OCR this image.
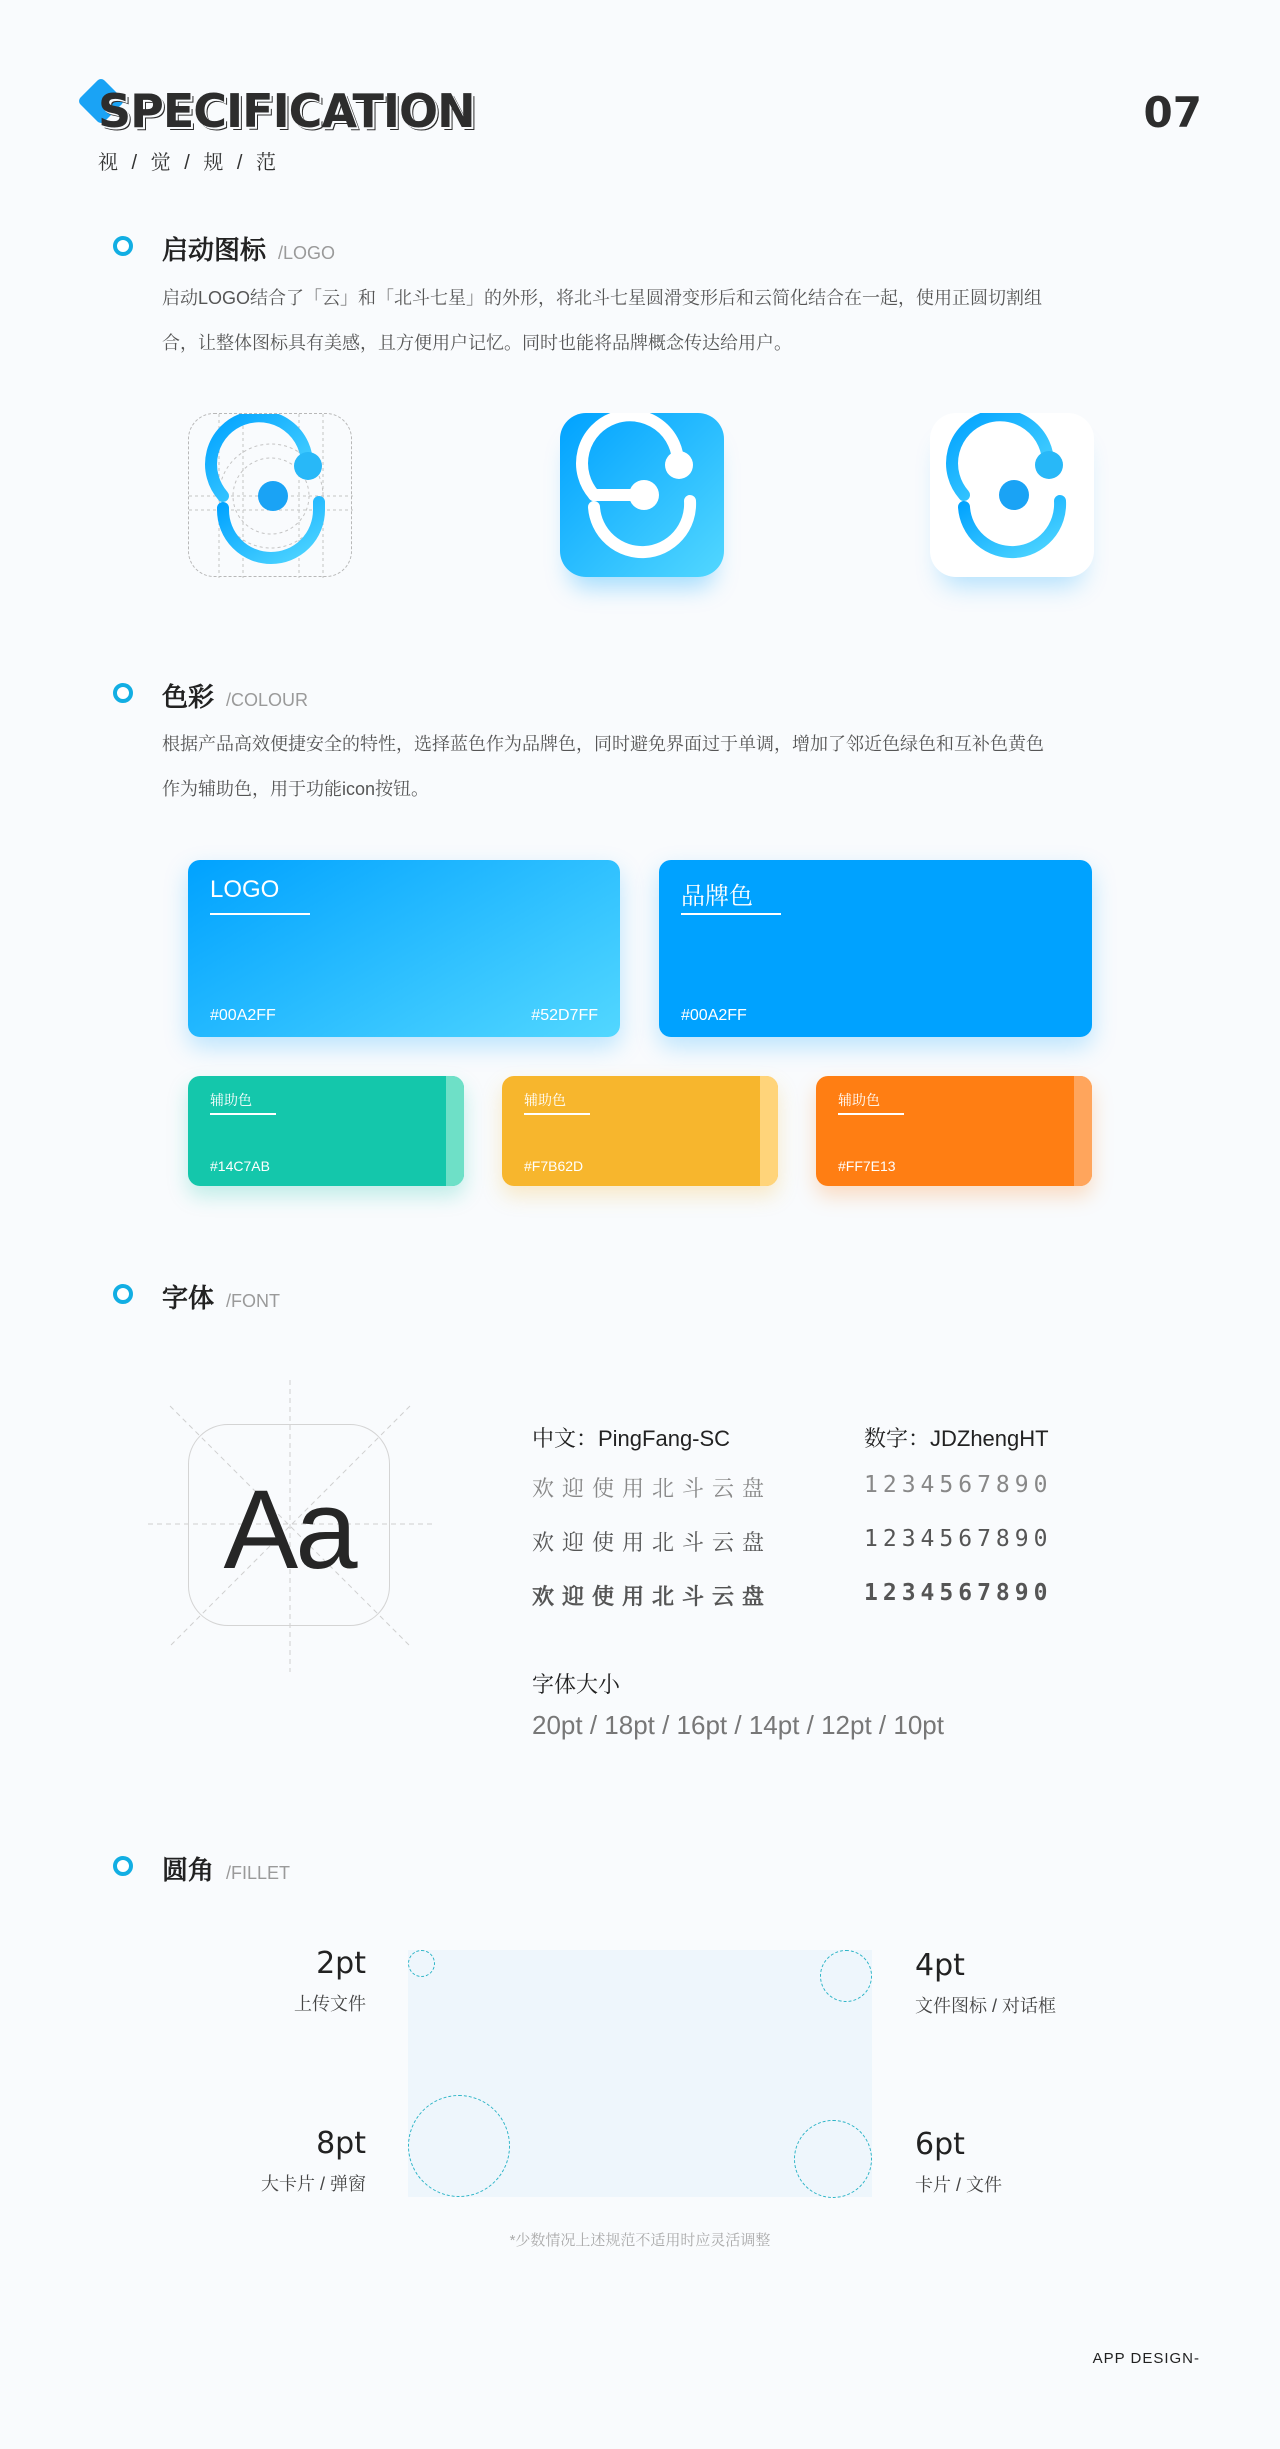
SPECIFICATION
视 / 觉 / 规 / 范
07
启动图标 /LOGO
启动LOGO结合了「云」和「北斗七星」的外形，将北斗七星圆滑变形后和云简化结合在一起，使用正圆切割组
合，让整体图标具有美感，且方便用户记忆。同时也能将品牌概念传达给用户。
色彩 /COLOUR
根据产品高效便捷安全的特性，选择蓝色作为品牌色，同时避免界面过于单调，增加了邻近色绿色和互补色黄色
作为辅助色，用于功能icon按钮。
LOGO
#00A2FF	#52D7FF
品牌色
#00A2FF
辅助色
#14C7AB
辅助色
#F7B62D
辅助色
#FF7E13
字体 /FONT
Aa
中文：PingFang-SC	数字：JDZhengHT
欢迎使用北斗云盘
欢迎使用北斗云盘
欢迎使用北斗云盘
1234567890
1234567890
1234567890
字体大小
20pt / 18pt / 16pt / 14pt / 12pt / 10pt
圆角 /FILLET
2pt
上传文件
4pt
文件图标 / 对话框
8pt
大卡片 / 弹窗
6pt
卡片 / 文件
*少数情况上述规范不适用时应灵活调整
APP DESIGN-
